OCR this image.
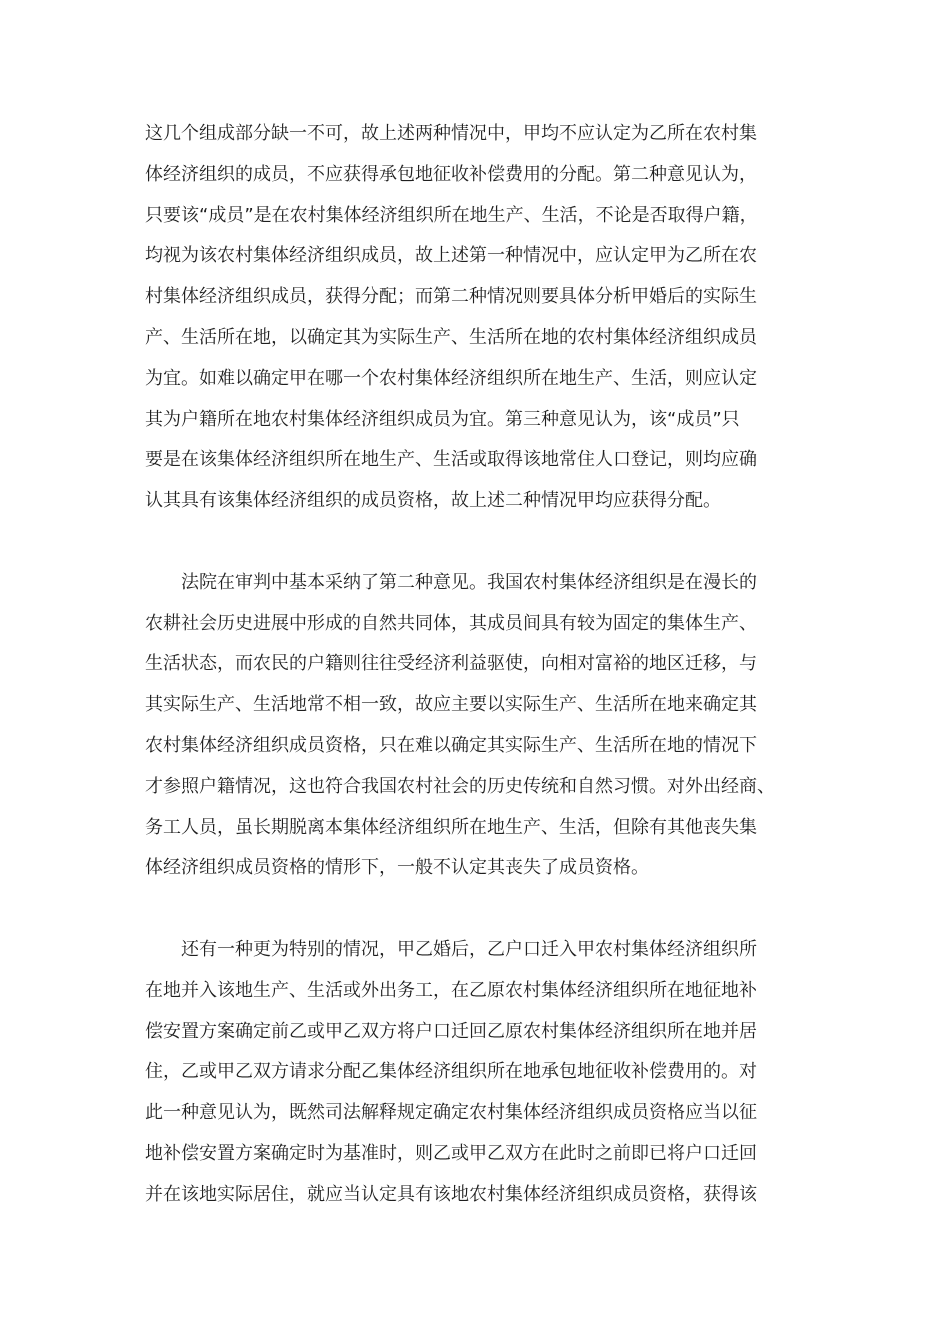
这几个组成部分缺一不可，故上述两种情况中，甲均不应认定为乙所在农村集
体经济组织的成员，不应获得承包地征收补偿费用的分配。第二种意见认为，
只要该“成员”是在农村集体经济组织所在地生产、生活，不论是否取得户籍，
均视为该农村集体经济组织成员，故上述第一种情况中，应认定甲为乙所在农
村集体经济组织成员，获得分配；而第二种情况则要具体分析甲婚后的实际生
产、生活所在地，以确定其为实际生产、生活所在地的农村集体经济组织成员
为宜。如难以确定甲在哪一个农村集体经济组织所在地生产、生活，则应认定
其为户籍所在地农村集体经济组织成员为宜。第三种意见认为，该“成员”只
要是在该集体经济组织所在地生产、生活或取得该地常住人口登记，则均应确
认其具有该集体经济组织的成员资格，故上述二种情况甲均应获得分配。
　　法院在审判中基本采纳了第二种意见。我国农村集体经济组织是在漫长的
农耕社会历史进展中形成的自然共同体，其成员间具有较为固定的集体生产、
生活状态，而农民的户籍则往往受经济利益驱使，向相对富裕的地区迁移，与
其实际生产、生活地常不相一致，故应主要以实际生产、生活所在地来确定其
农村集体经济组织成员资格，只在难以确定其实际生产、生活所在地的情况下
才参照户籍情况，这也符合我国农村社会的历史传统和自然习惯。对外出经商、
务工人员，虽长期脱离本集体经济组织所在地生产、生活，但除有其他丧失集
体经济组织成员资格的情形下，一般不认定其丧失了成员资格。
　　还有一种更为特别的情况，甲乙婚后，乙户口迁入甲农村集体经济组织所
在地并入该地生产、生活或外出务工，在乙原农村集体经济组织所在地征地补
偿安置方案确定前乙或甲乙双方将户口迁回乙原农村集体经济组织所在地并居
住，乙或甲乙双方请求分配乙集体经济组织所在地承包地征收补偿费用的。对
此一种意见认为，既然司法解释规定确定农村集体经济组织成员资格应当以征
地补偿安置方案确定时为基准时，则乙或甲乙双方在此时之前即已将户口迁回
并在该地实际居住，就应当认定具有该地农村集体经济组织成员资格，获得该
